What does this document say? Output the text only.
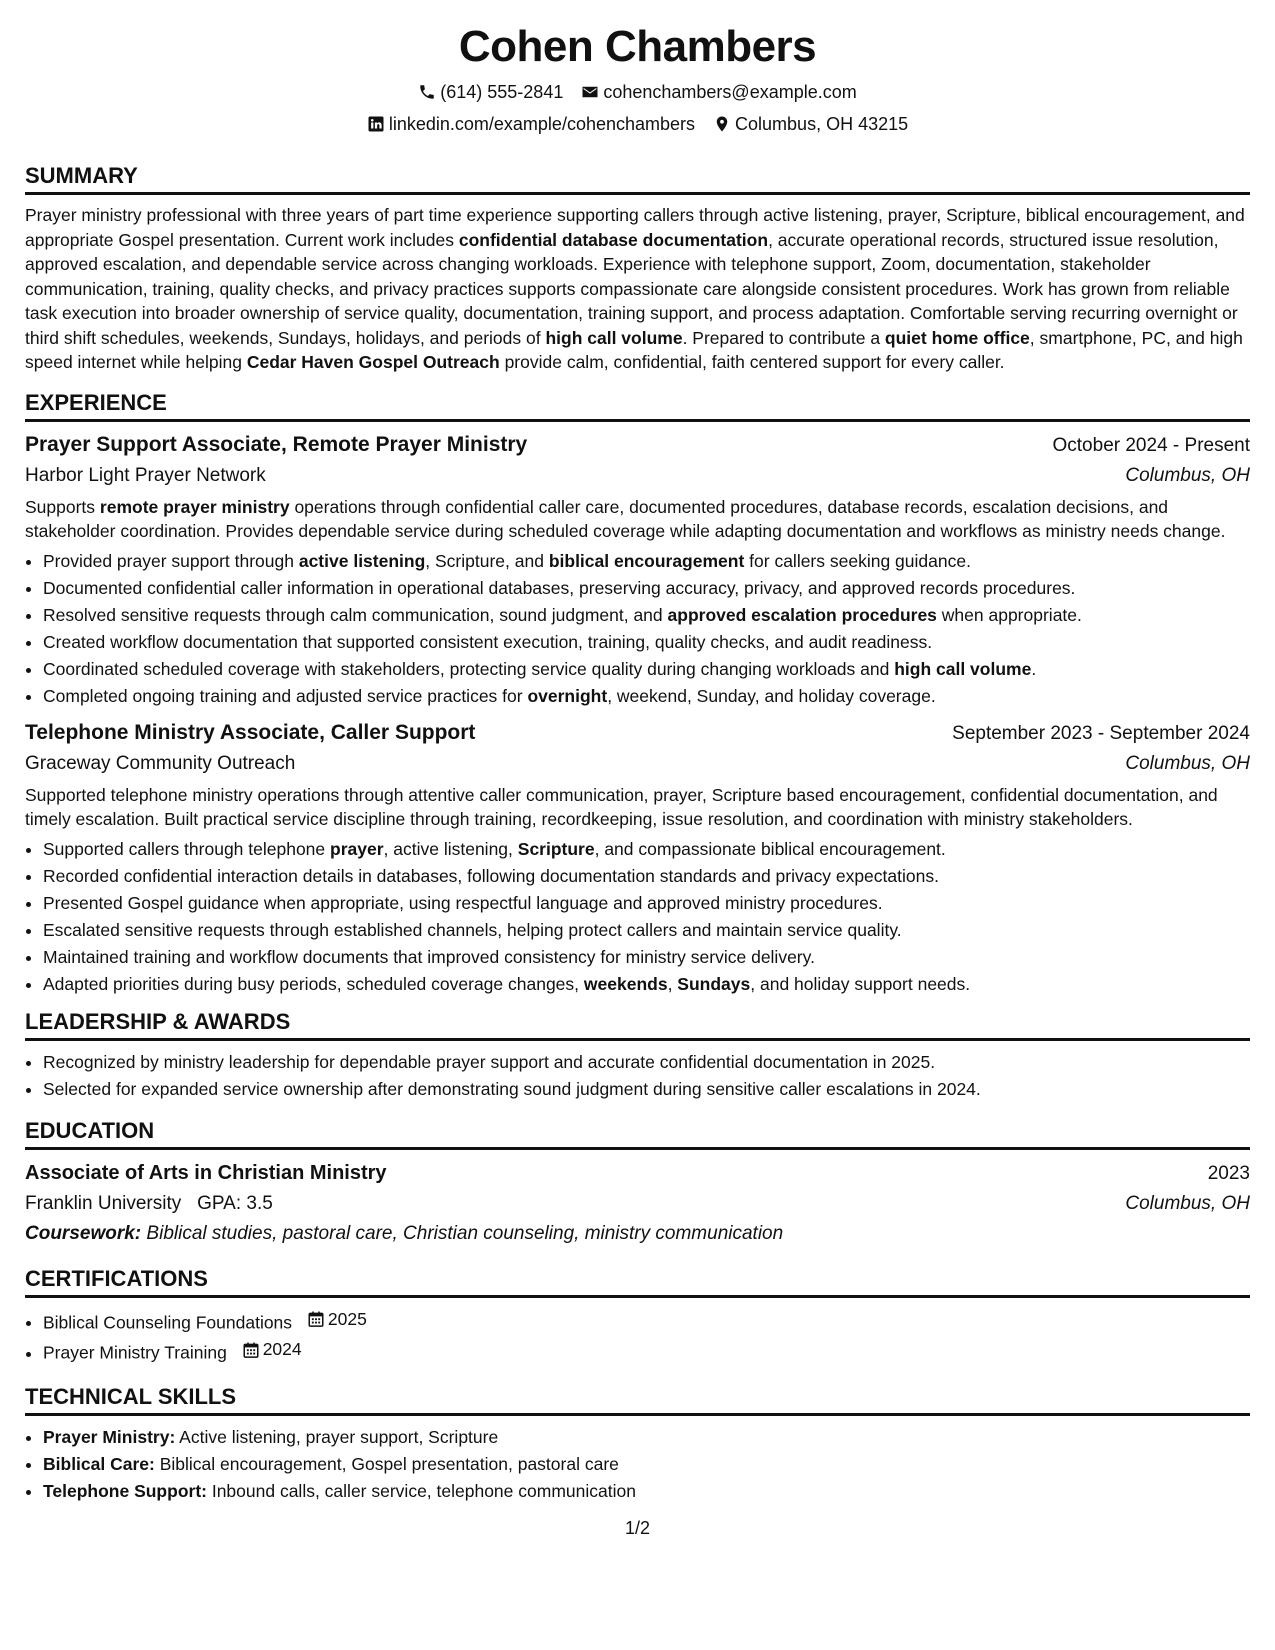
Cohen Chambers
(614) 555-2841 cohenchambers@example.com
linkedin.com/example/cohenchambers Columbus, OH 43215
SUMMARY

Prayer ministry professional with three years of part time experience supporting callers through active listening, prayer, Scripture, biblical encouragement, and appropriate Gospel presentation. Current work includes confidential database documentation, accurate operational records, structured issue resolution, approved escalation, and dependable service across changing workloads. Experience with telephone support, Zoom, documentation, stakeholder communication, training, quality checks, and privacy practices supports compassionate care alongside consistent procedures. Work has grown from reliable task execution into broader ownership of service quality, documentation, training support, and process adaptation. Comfortable serving recurring overnight or third shift schedules, weekends, Sundays, holidays, and periods of high call volume. Prepared to contribute a quiet home office, smartphone, PC, and high speed internet while helping Cedar Haven Gospel Outreach provide calm, confidential, faith centered support for every caller.

EXPERIENCE
Prayer Support Associate, Remote Prayer Ministry	October 2024 - Present
Harbor Light Prayer Network	Columbus, OH

Supports remote prayer ministry operations through confidential caller care, documented procedures, database records, escalation decisions, and stakeholder coordination. Provides dependable service during scheduled coverage while adapting documentation and workflows as ministry needs change.

• Provided prayer support through active listening, Scripture, and biblical encouragement for callers seeking guidance.
• Documented confidential caller information in operational databases, preserving accuracy, privacy, and approved records procedures.
• Resolved sensitive requests through calm communication, sound judgment, and approved escalation procedures when appropriate.
• Created workflow documentation that supported consistent execution, training, quality checks, and audit readiness.
• Coordinated scheduled coverage with stakeholders, protecting service quality during changing workloads and high call volume.
• Completed ongoing training and adjusted service practices for overnight, weekend, Sunday, and holiday coverage.
Telephone Ministry Associate, Caller Support	September 2023 - September 2024
Graceway Community Outreach	Columbus, OH

Supported telephone ministry operations through attentive caller communication, prayer, Scripture based encouragement, confidential documentation, and timely escalation. Built practical service discipline through training, recordkeeping, issue resolution, and coordination with ministry stakeholders.

• Supported callers through telephone prayer, active listening, Scripture, and compassionate biblical encouragement.
• Recorded confidential interaction details in databases, following documentation standards and privacy expectations.
• Presented Gospel guidance when appropriate, using respectful language and approved ministry procedures.
• Escalated sensitive requests through established channels, helping protect callers and maintain service quality.
• Maintained training and workflow documents that improved consistency for ministry service delivery.
• Adapted priorities during busy periods, scheduled coverage changes, weekends, Sundays, and holiday support needs.
LEADERSHIP & AWARDS
• Recognized by ministry leadership for dependable prayer support and accurate confidential documentation in 2025.
• Selected for expanded service ownership after demonstrating sound judgment during sensitive caller escalations in 2024.
EDUCATION
Associate of Arts in Christian Ministry	2023
Franklin University GPA: 3.5	Columbus, OH
Coursework: Biblical studies, pastoral care, Christian counseling, ministry communication
CERTIFICATIONS
• Biblical Counseling Foundations 2025
• Prayer Ministry Training 2024
TECHNICAL SKILLS
• Prayer Ministry: Active listening, prayer support, Scripture
• Biblical Care: Biblical encouragement, Gospel presentation, pastoral care
• Telephone Support: Inbound calls, caller service, telephone communication
1/2
